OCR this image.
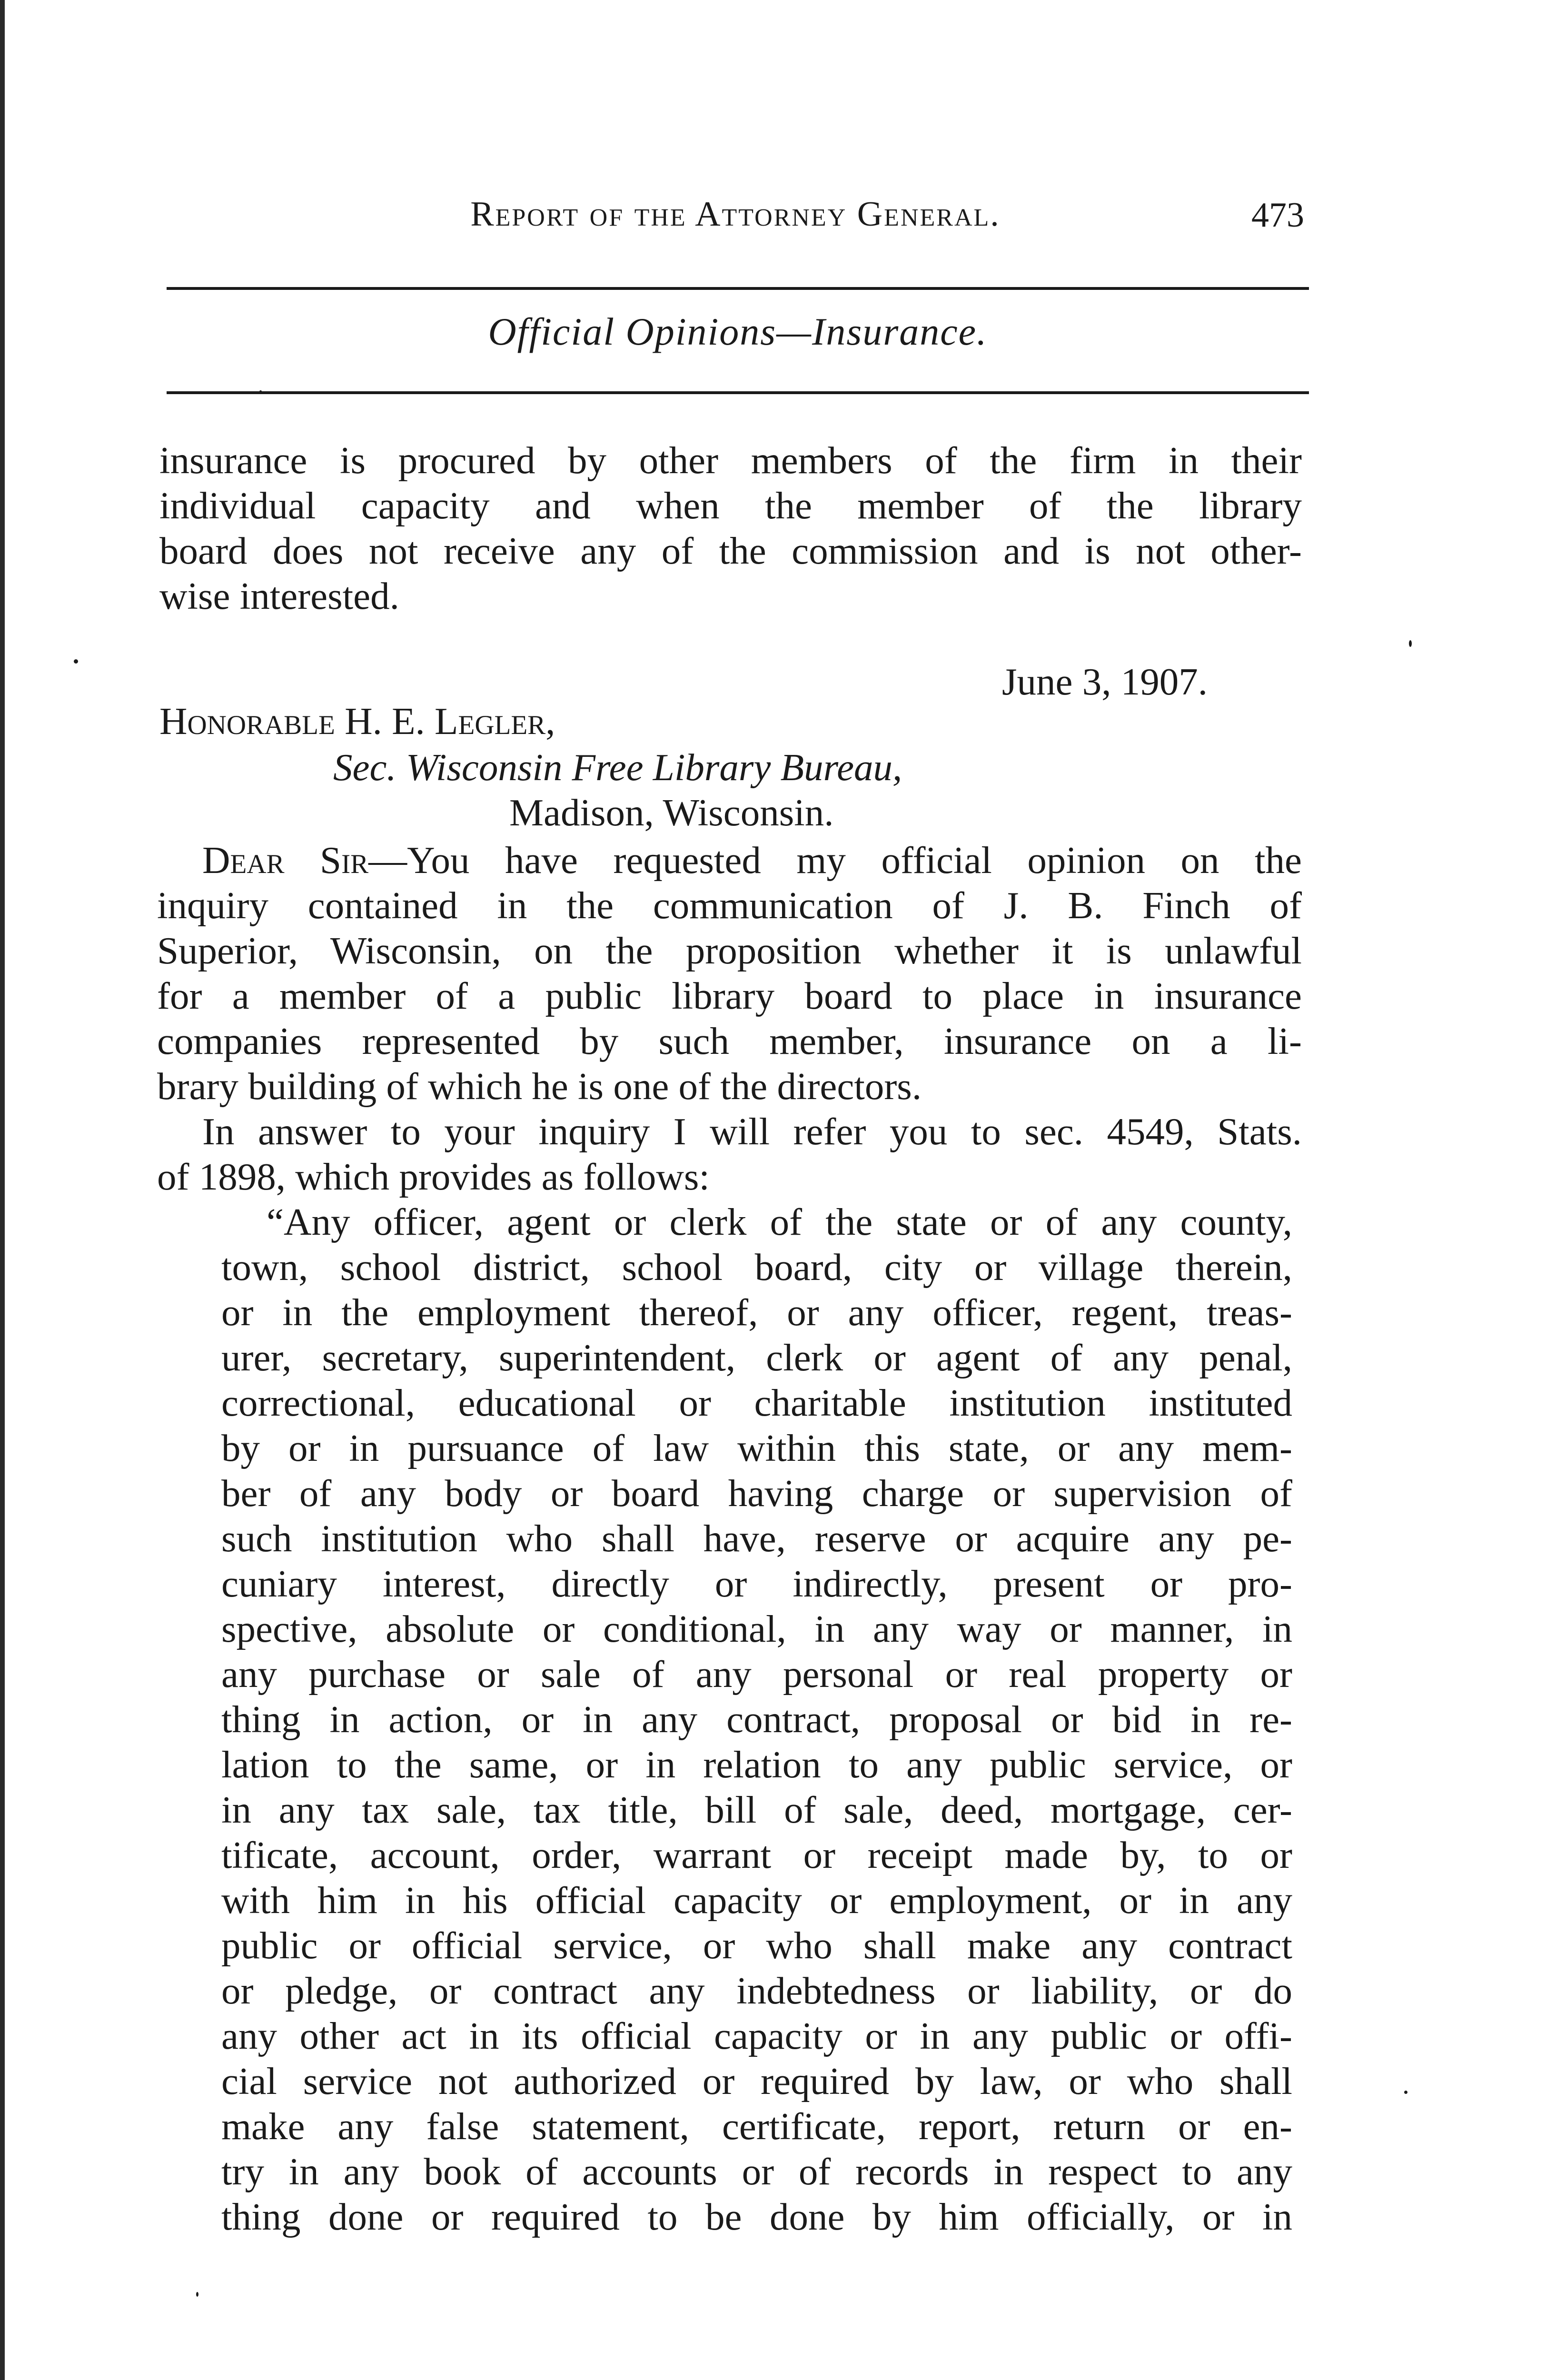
Report of the Attorney General.	473
Official Opinions—Insurance.
insurance is procured by other members of the firm in their
individual capacity and when the member of the library
board does not receive any of the commission and is not other-
wise interested.
June 3, 1907.
Honorable H. E. Legler,
Sec. Wisconsin Free Library Bureau,
Madison, Wisconsin.
Dear Sir—You have requested my official opinion on the
inquiry contained in the communication of J. B. Finch of
Superior, Wisconsin, on the proposition whether it is unlawful
for a member of a public library board to place in insurance
companies represented by such member, insurance on a li-
brary building of which he is one of the directors.
In answer to your inquiry I will refer you to sec. 4549, Stats.
of 1898, which provides as follows:
“Any officer, agent or clerk of the state or of any county,
town, school district, school board, city or village therein,
or in the employment thereof, or any officer, regent, treas-
urer, secretary, superintendent, clerk or agent of any penal,
correctional, educational or charitable institution instituted
by or in pursuance of law within this state, or any mem-
ber of any body or board having charge or supervision of
such institution who shall have, reserve or acquire any pe-
cuniary interest, directly or indirectly, present or pro-
spective, absolute or conditional, in any way or manner, in
any purchase or sale of any personal or real property or
thing in action, or in any contract, proposal or bid in re-
lation to the same, or in relation to any public service, or
in any tax sale, tax title, bill of sale, deed, mortgage, cer-
tificate, account, order, warrant or receipt made by, to or
with him in his official capacity or employment, or in any
public or official service, or who shall make any contract
or pledge, or contract any indebtedness or liability, or do
any other act in its official capacity or in any public or offi-
cial service not authorized or required by law, or who shall
make any false statement, certificate, report, return or en-
try in any book of accounts or of records in respect to any
thing done or required to be done by him officially, or in
